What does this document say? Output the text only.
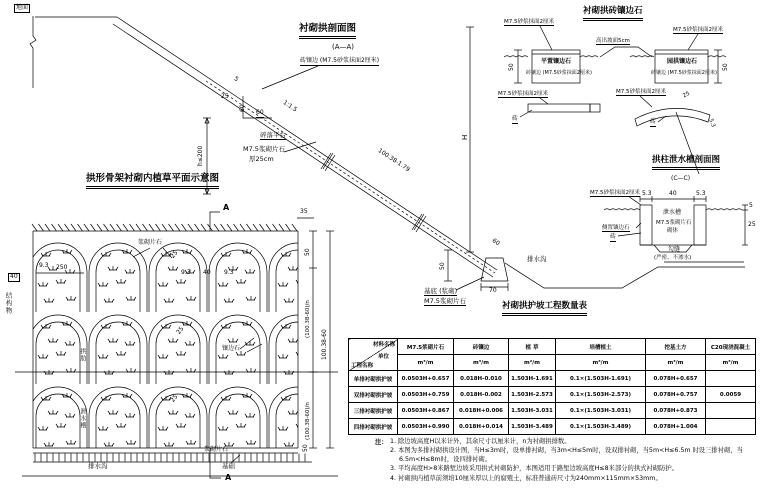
衬砌拱剖面图
(A—A)
地面
砖镶边 (M7.5砂浆抹面2厘米)
1:1.5
5
25
60
60
碎落平台
h≤200	M7.5浆砌片石
厚25cm	100.38-1.79
60
H
50
70
排水沟
基底 (浆砌)
M7.5浆砌片石
拱形骨架衬砌内植草平面示意图
A
A
浆砌片石
浆砌片石
镶边石
泄水槽
拱肋
结构物
排水沟	基础
9.3 250
40
9.3 40 9.3
25
25
25
35
50
(100.38-60)/n
(100.38-60)/n
100.38-60
50
衬砌拱砖镶边石
M7.5砂浆抹面2厘米
M7.5砂浆抹面2厘米
高出坡面5cm
平置镶边石
砖镶边 (M7.5砂浆抹面2厘米)
园拱镶边石
砖镶边 (M7.5砂浆抹面2厘米)
50	50
M7.5砂浆抹面2厘米
砖
M7.5砂浆抹面2厘米
砖	5.3
25
拱柱泄水槽剖面图
(C—C)
M7.5砂浆抹面2厘米 5.3	40	5.3
泄水槽
M7.5浆砌片石
砌体
侧置镶边石
砖
勾缝
(严密、不渗水)
5
25
衬砌拱护坡工程数量表
材料名称
单位
工程名称	M7.5浆砌片石	砖镶边	植 草	培槽植土	挖基土方	C20现浇混凝土
	m³/m	m³/m	m²/m	m³/m	m³/m	m³/m
单排衬砌拱护坡	0.0503H+0.657	0.018H-0.010	1.503H-1.691	0.1×(1.503H-1.691)	0.078H+0.657	
双排衬砌拱护坡	0.0503H+0.759	0.018H-0.002	1.503H-2.573	0.1×(1.503H-2.573)	0.078H+0.757	0.0059
三排衬砌拱护坡	0.0503H+0.867	0.018H+0.006	1.503H-3.031	0.1×(1.503H-3.031)	0.078H+0.873	
四排衬砌拱护坡	0.0503H+0.990	0.018H+0.014	1.503H-3.489	0.1×(1.503H-3.489)	0.078H+1.004	
注： 1. 除边坡高度H以米计外，其余尺寸以厘米计，n为衬砌拱排数。
2. 本图为多排衬砌拱设计图，当H≤3m时，设单排衬砌，当3m<H≤5m时，设双排衬砌，当5m<H≤6.5m 时设三排衬砌，当 6.5m<H≤8m时，设四排衬砌。
3. 平均高度H>8米路堑边坡采用拱式衬砌防护，本图适用于路堑边坡高度H≤8米部分的拱式衬砌防护。
4. 衬砌拱内植草前须培10厘米厚以上的腐殖土，标准普通砖尺寸为240mm×115mm×53mm。
